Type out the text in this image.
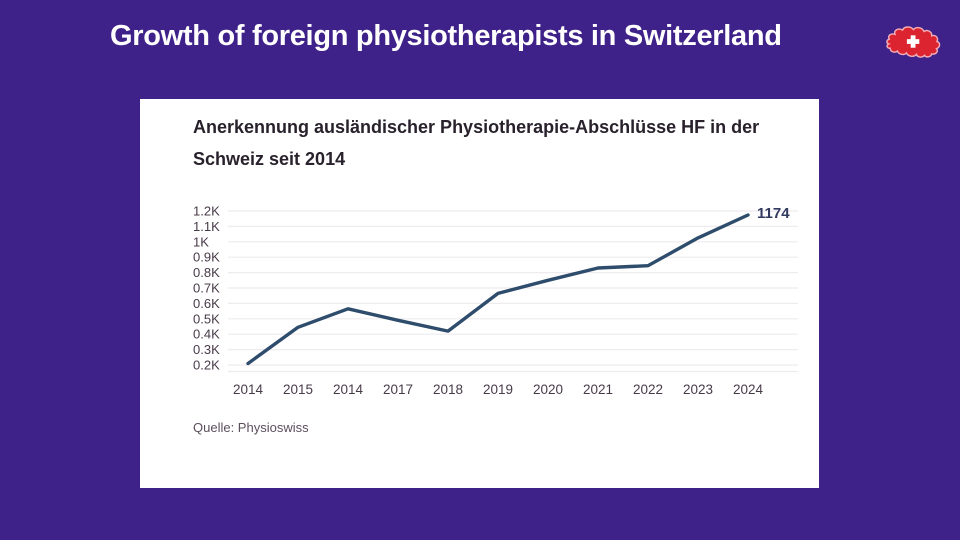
Growth of foreign physiotherapists in Switzerland
Anerkennung ausländischer Physiotherapie-Abschlüsse HF in der
Schweiz seit 2014
1.2K
1.1K
1K
0.9K
0.8K
0.7K
0.6K
0.5K
0.4K
0.3K
0.2K
2014 2015 2014 2017 2018 2019 2020 2021 2022 2023 2024
1174
Quelle: Physioswiss
